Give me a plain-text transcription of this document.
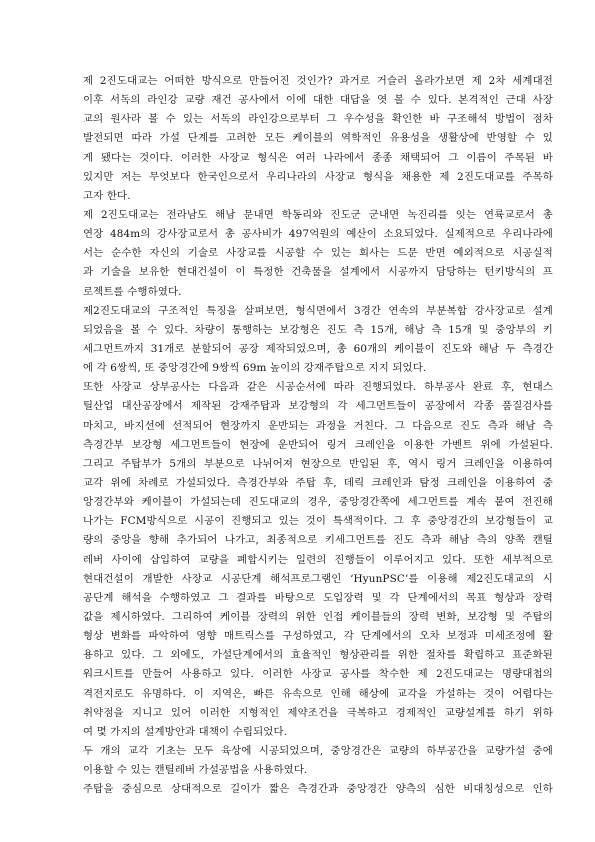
제 2진도대교는 어떠한 방식으로 만들어진 것인가? 과거로 거슬러 올라가보면 제 2차 세계대전
이후 서독의 라인강 교량 재건 공사에서 이에 대한 대답을 엿 볼 수 있다. 본격적인 근대 사장
교의 원사라 볼 수 있는 서독의 라인강으로부터 그 우수성을 확인한 바 구조해석 방법이 점차
발전되면 따라 가설 단계를 고려한 모든 케이블의 역학적인 유용성을 생활상에 반영할 수 있
게 됐다는 것이다. 이러한 사장교 형식은 여러 나라에서 종종 채택되어 그 이름이 주목된 바
있지만 저는 무엇보다 한국인으로서 우리나라의 사장교 형식을 채용한 제 2진도대교를 주목하
고자 한다.
제 2진도대교는 전라남도 해남 문내면 학동리와 진도군 군내면 녹진리를 잇는 연륙교로서 총
연장 484m의 강사장교로서 총 공사비가 497억원의 예산이 소요되었다. 실제적으로 우리나라에
서는 순수한 자신의 기술로 사장교를 시공할 수 있는 회사는 드문 반면 예외적으로 시공실적
과 기술을 보유한 현대건설이 이 특정한 건축물을 설계에서 시공까지 담당하는 턴키방식의 프
로젝트를 수행하였다.
제2진도대교의 구조적인 특징을 살펴보면, 형식면에서 3경간 연속의 부분복합 강사장교로 설계
되었음을 볼 수 있다. 차량이 통행하는 보강형은 진도 측 15개, 해남 측 15개 및 중앙부의 키
세그먼트까지 31개로 분할되어 공장 제작되었으며, 총 60개의 케이블이 진도와 해남 두 측경간
에 각 6쌍씩, 또 중앙경간에 9쌍씩 69m 높이의 강재주탑으로 지지 되었다.
또한 사장교 상부공사는 다음과 같은 시공순서에 따라 진행되었다. 하부공사 완료 후, 현대스
틸산업 대산공장에서 제작된 강재주탑과 보강형의 각 세그먼트들이 공장에서 각종 품질검사를
마치고, 바지선에 선적되어 현장까지 운반되는 과정을 거친다. 그 다음으로 진도 측과 해남 측
측경간부 보강형 세그먼트들이 현장에 운반되어 링거 크레인을 이용한 가벤트 위에 가설된다.
그리고 주탑부가 5개의 부분으로 나뉘어져 현장으로 반입된 후, 역시 링거 크레인을 이용하여
교각 위에 차례로 가설되었다. 측경간부와 주탑 후, 데릭 크레인과 탐정 크레인을 이용하여 중
앙경간부와 케이블이 가설되는데 진도대교의 경우, 중앙경간쪽에 세그먼트를 계속 붙여 전진해
나가는 FCM방식으로 시공이 진행되고 있는 것이 특색적이다. 그 후 중앙경간의 보강형들이 교
량의 중앙을 향해 추가되어 나가고, 최종적으로 키세그먼트를 진도 측과 해남 측의 양쪽 캔틸
레버 사이에 삽입하여 교량을 폐합시키는 일련의 진행들이 이루어지고 있다. 또한 세부적으로
현대건설이 개발한 사장교 시공단계 해석프로그램인 ‘HyunPSC’를 이용해 제2진도대교의 시
공단계 해석을 수행하였고 그 결과를 바탕으로 도입장력 및 각 단계에서의 목표 형상과 장력
값을 제시하였다. 그리하여 케이블 장력의 위한 인접 케이블들의 장력 변화, 보강형 및 주탑의
형상 변화를 파악하여 영향 매트릭스를 구성하였고, 각 단계에서의 오차 보정과 미세조정에 활
용하고 있다. 그 외에도, 가설단계에서의 효율적인 형상관리를 위한 절차를 확립하고 표준화된
워크시트를 만들어 사용하고 있다. 이러한 사장교 공사를 착수한 제 2진도대교는 명량대첩의
격전지로도 유명하다. 이 지역은, 빠른 유속으로 인해 해상에 교각을 가설하는 것이 어렵다는
취약점을 지니고 있어 이러한 지형적인 제약조건을 극복하고 경제적인 교량설계를 하기 위하
여 몇 가지의 설계방안과 대책이 수립되었다.
두 개의 교각 기초는 모두 육상에 시공되었으며, 중앙경간은 교량의 하부공간을 교량가설 중에
이용할 수 있는 캔틸레버 가설공법을 사용하였다.
주탑을 중심으로 상대적으로 길이가 짧은 측경간과 중앙경간 양측의 심한 비대칭성으로 인하
